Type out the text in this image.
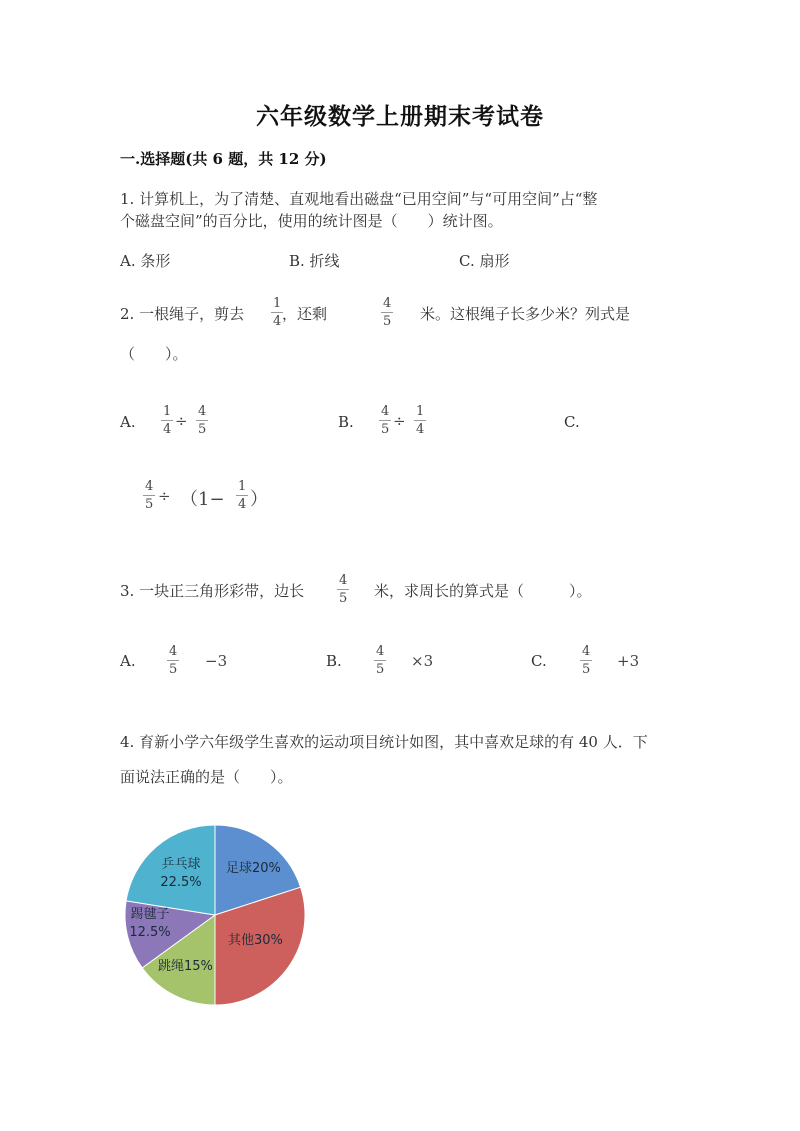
六年级数学上册期末考试卷
一.选择题(共 6 题，共 12 分)
1. 计算机上，为了清楚、直观地看出磁盘“已用空间”与“可用空间”占“整
个磁盘空间”的百分比，使用的统计图是（　　）统计图。
A. 条形	B. 折线	C. 扇形
2. 一根绳子，剪去 $\frac{1}{4}$
，还剩	$\frac{4}{5}$	米。这根绳子长多少米？列式是
（　　）。
A. $\frac{1}{4} \div \frac{4}{5}$	B. $\frac{4}{5} \div \frac{1}{4}$	C.
$\frac{4}{5} \div (1- \frac{1}{4}$ ）
3. 一块正三角形彩带，边长	$\frac{4}{5}$ 米，求周长的算式是（　　　）。
A. $\frac{4}{5} -3$	B. $\frac{4}{5} \times 3$	C.	$\frac{4}{5} +3$
4. 育新小学六年级学生喜欢的运动项目统计如图，其中喜欢足球的有 40 人．下
面说法正确的是（　　）。
足球20%
其他30%
跳绳15%
踢毽子
12.5%
乒乓球
22.5%
